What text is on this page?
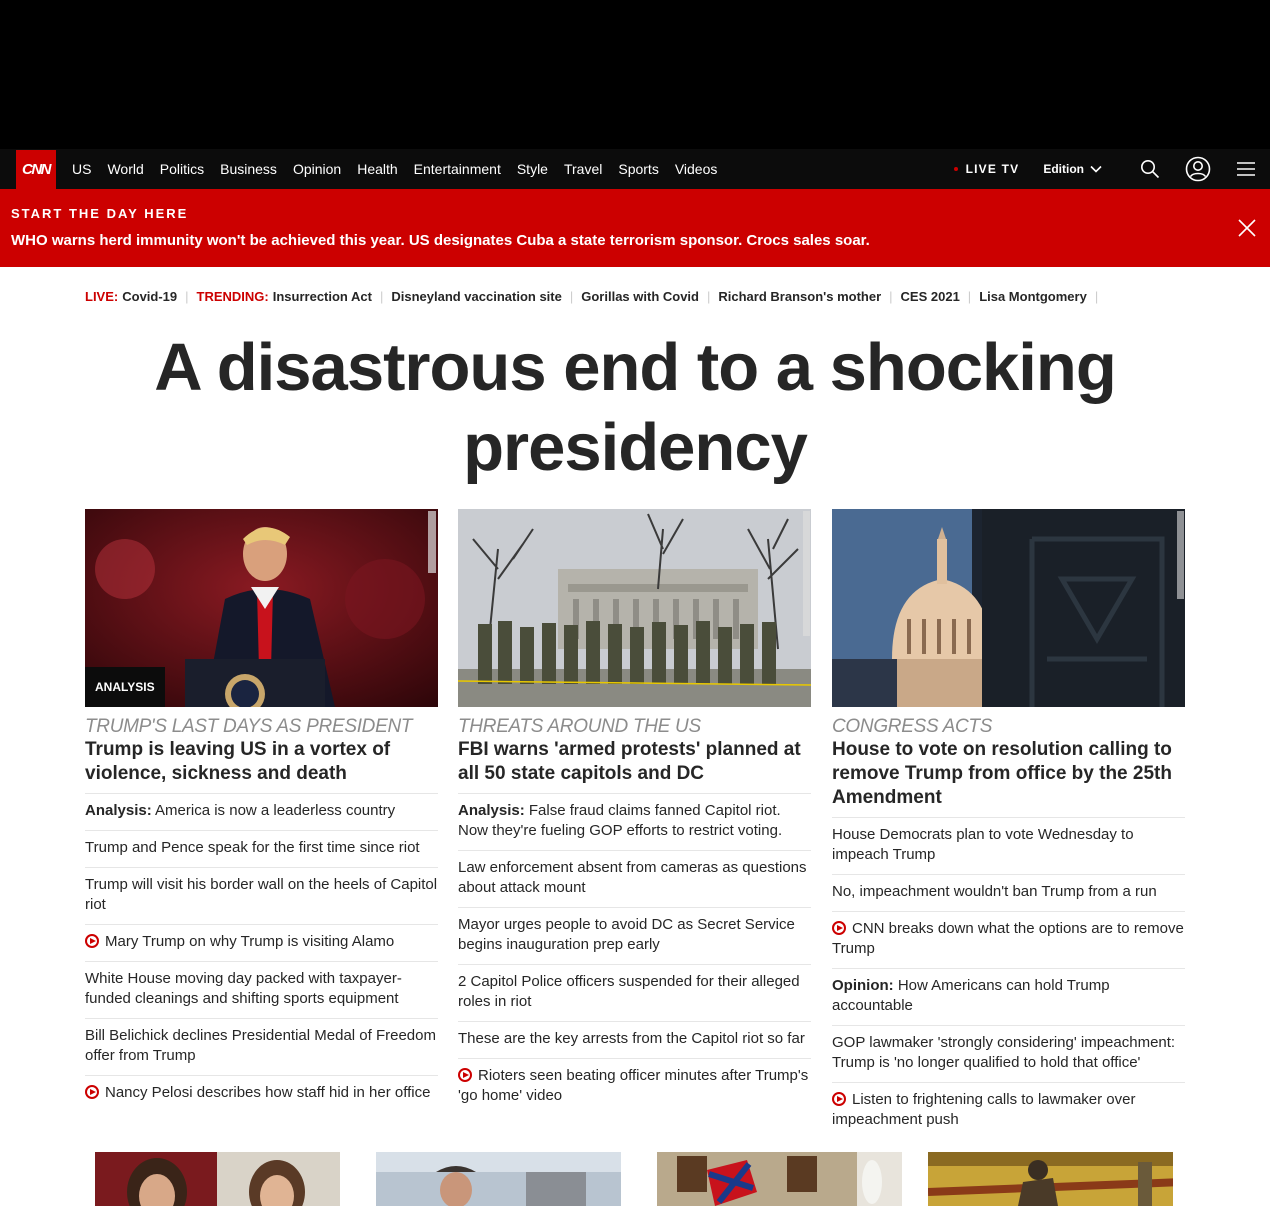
CNN	US	World	Politics	Business	Opinion	Health	Entertainment	Style	Travel	Sports	Videos	LIVE TV Edition
START THE DAY HERE
WHO warns herd immunity won't be achieved this year. US designates Cuba a state terrorism sponsor. Crocs sales soar.
LIVE: Covid-19 | TRENDING: Insurrection Act | Disneyland vaccination site | Gorillas with Covid | Richard Branson's mother | CES 2021 | Lisa Montgomery |
A disastrous end to a shocking
presidency
ANALYSIS
TRUMP'S LAST DAYS AS PRESIDENT
Trump is leaving US in a vortex of violence, sickness and death
Analysis: America is now a leaderless country
Trump and Pence speak for the first time since riot
Trump will visit his border wall on the heels of Capitol riot
Mary Trump on why Trump is visiting Alamo
White House moving day packed with taxpayer-funded cleanings and shifting sports equipment
Bill Belichick declines Presidential Medal of Freedom offer from Trump
Nancy Pelosi describes how staff hid in her office
THREATS AROUND THE US
FBI warns 'armed protests' planned at all 50 state capitols and DC
Analysis: False fraud claims fanned Capitol riot. Now they're fueling GOP efforts to restrict voting.
Law enforcement absent from cameras as questions about attack mount
Mayor urges people to avoid DC as Secret Service begins inauguration prep early
2 Capitol Police officers suspended for their alleged roles in riot
These are the key arrests from the Capitol riot so far
Rioters seen beating officer minutes after Trump's 'go home' video
CONGRESS ACTS
House to vote on resolution calling to remove Trump from office by the 25th Amendment
House Democrats plan to vote Wednesday to impeach Trump
No, impeachment wouldn't ban Trump from a run
CNN breaks down what the options are to remove Trump
Opinion: How Americans can hold Trump accountable
GOP lawmaker 'strongly considering' impeachment: Trump is 'no longer qualified to hold that office'
Listen to frightening calls to lawmaker over impeachment push
